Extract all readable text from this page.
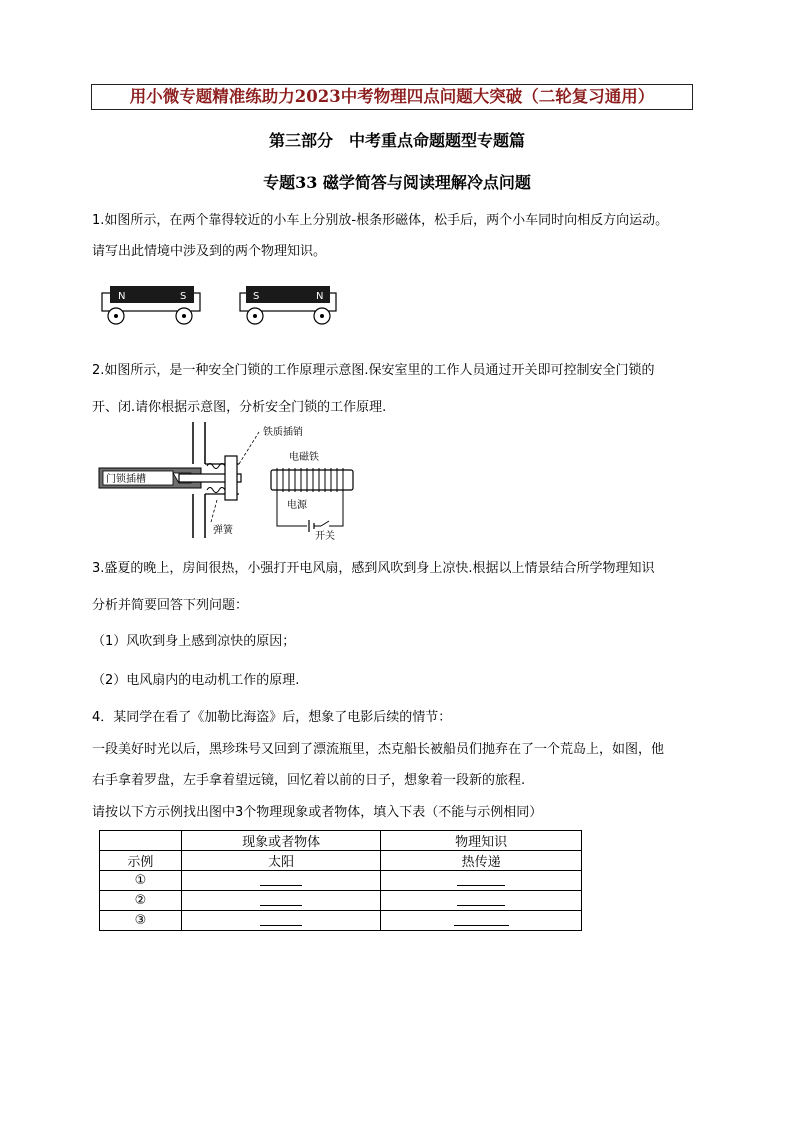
用小微专题精准练助力2023中考物理四点问题大突破（二轮复习通用）
第三部分　中考重点命题题型专题篇
专题33 磁学简答与阅读理解冷点问题
1.如图所示，在两个靠得较近的小车上分别放-根条形磁体，松手后，两个小车同时向相反方向运动。
请写出此情境中涉及到的两个物理知识。
N	S	S	N
2.如图所示，是一种安全门锁的工作原理示意图.保安室里的工作人员通过开关即可控制安全门锁的
开、闭.请你根据示意图，分析安全门锁的工作原理.
门锁插槽
铁质插销
弹簧
电磁铁
电源
开关
3.盛夏的晚上，房间很热，小强打开电风扇，感到风吹到身上凉快.根据以上情景结合所学物理知识
分析并简要回答下列问题：
（1）风吹到身上感到凉快的原因；
（2）电风扇内的电动机工作的原理.
4．某同学在看了《加勒比海盗》后，想象了电影后续的情节：
一段美好时光以后，黑珍珠号又回到了漂流瓶里，杰克船长被船员们抛弃在了一个荒岛上，如图，他
右手拿着罗盘，左手拿着望远镜，回忆着以前的日子，想象着一段新的旅程.
请按以下方示例找出图中3个物理现象或者物体，填入下表（不能与示例相同）
	现象或者物体	物理知识
示例	太阳	热传递
①		
②		
③		
